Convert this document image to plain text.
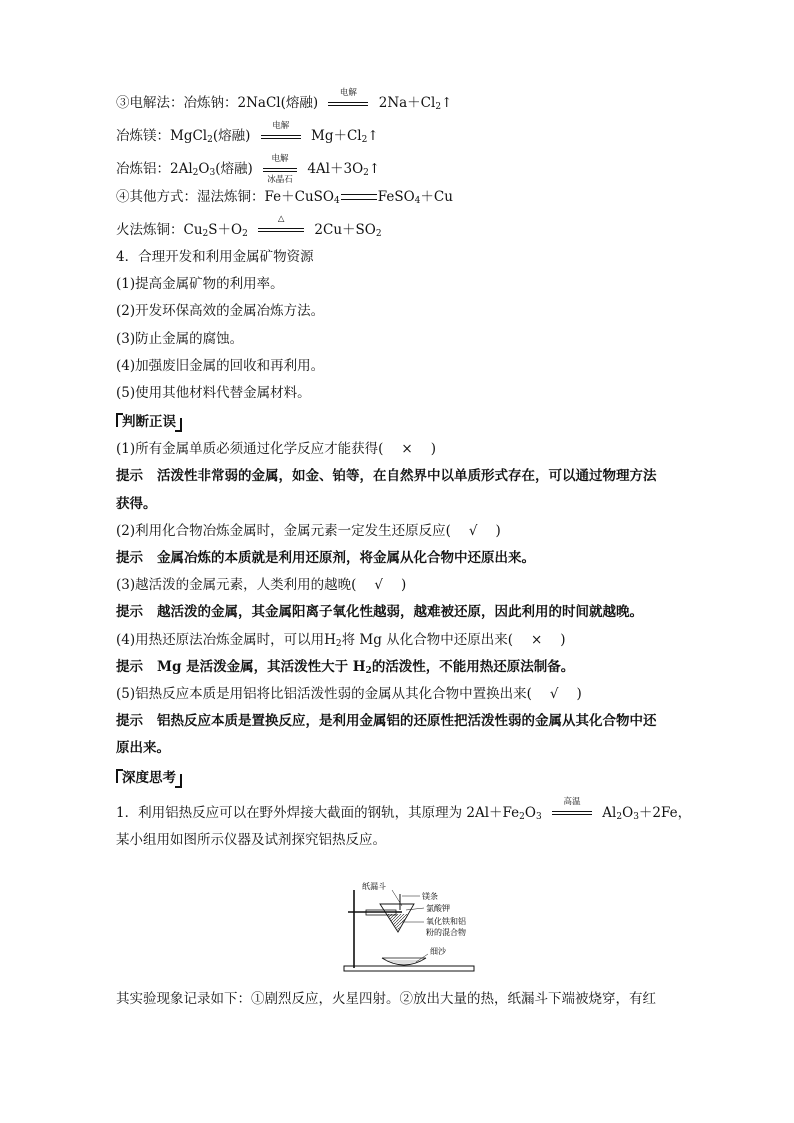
③电解法：冶炼钠：2NaCl(熔融)
电解
$2Na+Cl_2↑$
冶炼镁：MgCl$_2$(熔融)
电解
$Mg+Cl_2↑$
冶炼铝：$2Al_2O_3$(熔融)
电解
冰晶石
$4Al+3O_2↑$
④其他方式：湿法炼铜：Fe＋CuSO$_4$	FeSO$_4$＋Cu
火法炼铜：$Cu_2S+O_2$
△
$2Cu+SO_2$
4．合理开发和利用金属矿物资源
(1)提高金属矿物的利用率。
(2)开发环保高效的金属冶炼方法。
(3)防止金属的腐蚀。
(4)加强废旧金属的回收和再利用。
(5)使用其他材料代替金属材料。
判断正误
(1)所有金属单质必须通过化学反应才能获得( × )
提示 活泼性非常弱的金属，如金、铂等，在自然界中以单质形式存在，可以通过物理方法
获得。
(2)利用化合物冶炼金属时，金属元素一定发生还原反应( √ )
提示 金属冶炼的本质就是利用还原剂，将金属从化合物中还原出来。
(3)越活泼的金属元素，人类利用的越晚( √ )
提示 越活泼的金属，其金属阳离子氧化性越弱，越难被还原，因此利用的时间就越晚。
(4)用热还原法冶炼金属时，可以用$H_2$将 Mg 从化合物中还原出来( × )
提示 Mg 是活泼金属，其活泼性大于 $H_2$的活泼性，不能用热还原法制备。
(5)铝热反应本质是用铝将比铝活泼性弱的金属从其化合物中置换出来( √ )
提示 铝热反应本质是置换反应，是利用金属铝的还原性把活泼性弱的金属从其化合物中还
原出来。
深度思考
1．利用铝热反应可以在野外焊接大截面的钢轨，其原理为 $2Al+Fe_2O_3$
高温
$Al_2O_3+2Fe$，
某小组用如图所示仪器及试剂探究铝热反应。
纸漏斗
镁条
氯酸钾
氧化铁和铝
粉的混合物
细沙
其实验现象记录如下：①剧烈反应，火星四射。②放出大量的热，纸漏斗下端被烧穿，有红
